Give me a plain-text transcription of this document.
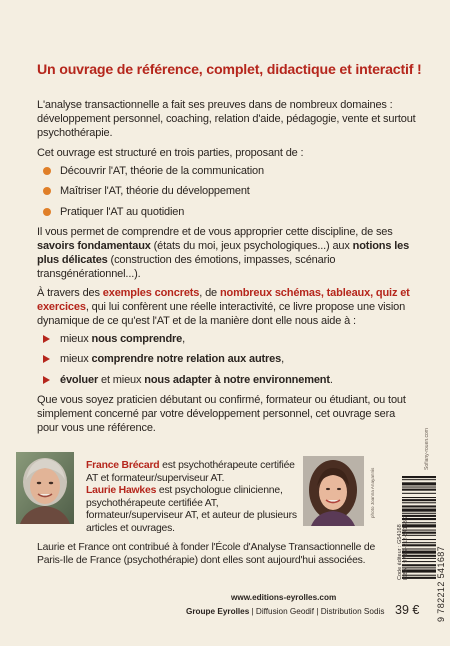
Un ouvrage de référence, complet, didactique et interactif !

L'analyse transactionnelle a fait ses preuves dans de nombreux domaines : développement personnel, coaching, relation d'aide, pédagogie, vente et surtout psychothérapie.

Cet ouvrage est structuré en trois parties, proposant de :

Découvrir l'AT, théorie de la communication
Maîtriser l'AT, théorie du développement
Pratiquer l'AT au quotidien

Il vous permet de comprendre et de vous approprier cette discipline, de ses savoirs fondamentaux (états du moi, jeux psychologiques...) aux notions les plus délicates (construction des émotions, impasses, scénario transgénérationnel...).

À travers des exemples concrets, de nombreux schémas, tableaux, quiz et exercices, qui lui confèrent une réelle interactivité, ce livre propose une vision dynamique de ce qu'est l'AT et de la manière dont elle nous aide à :

mieux nous comprendre,
mieux comprendre notre relation aux autres,
évoluer et mieux nous adapter à notre environnement.

Que vous soyez praticien débutant ou confirmé, formateur ou étudiant, ou tout simplement concerné par votre développement personnel, cet ouvrage sera pour vous une référence.

France Brécard est psychothérapeute certifiée AT et formateur/superviseur AT.

Laurie Hawkes est psychologue clinicienne, psychothérapeute certifiée AT, formateur/superviseur AT, et auteur de plusieurs articles et ouvrages.

photo Joanna Anayannis
Laurie et France ont contribué à fonder l'École d'Analyse Transactionnelle de Paris-Ile de France (psychothérapie) dont elles sont aujourd'hui associées.	Code éditeur : G54168 ISBN : 978-2-212-54168-7	9 782212 541687
Sofiany-rouen.com
www.editions-eyrolles.com
Groupe Eyrolles | Diffusion Geodif | Distribution Sodis 39 €
